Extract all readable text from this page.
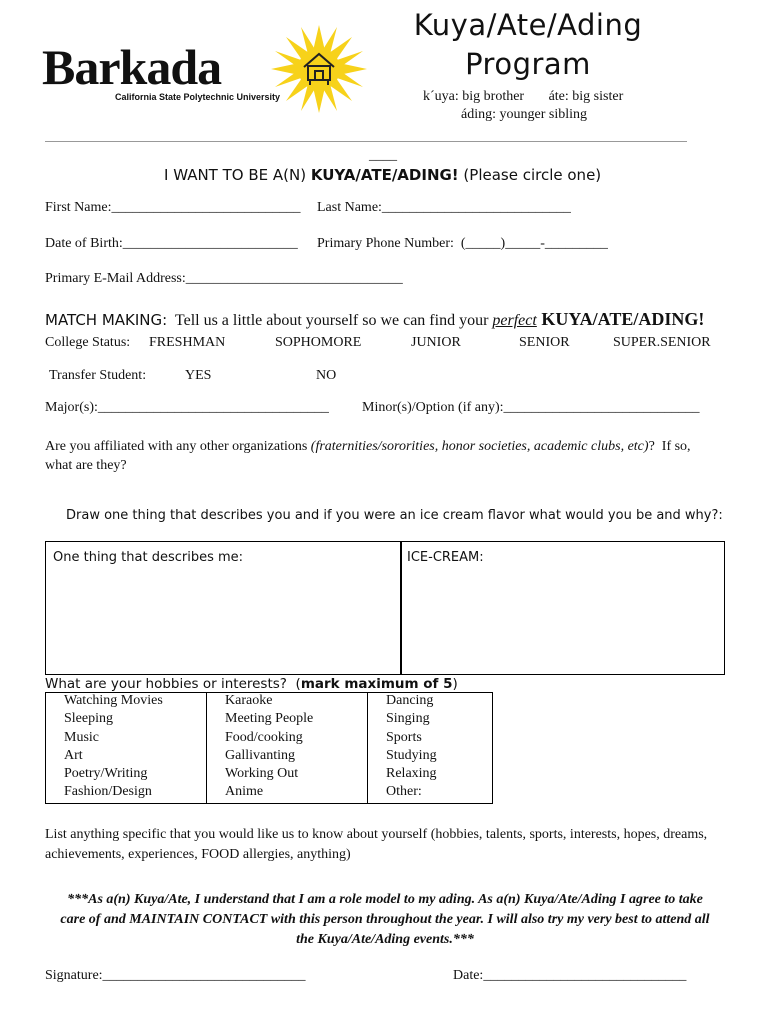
Barkada
California State Polytechnic University
Kuya/Ate/Ading
Program
k´uya: big brother       áte: big sister
áding: younger sibling
____
I WANT TO BE A(N) KUYA/ATE/ADING! (Please circle one)
First Name:___________________________ Last Name:___________________________
Date of Birth:_________________________ Primary Phone Number:  (_____)_____-_________
Primary E-Mail Address:_______________________________
MATCH MAKING:  Tell us a little about yourself so we can find your perfect KUYA/ATE/ADING!
College Status: FRESHMAN	SOPHOMORE	JUNIOR	SENIOR	SUPER.SENIOR
Transfer Student:	YES	NO
Major(s):_________________________________ Minor(s)/Option (if any):____________________________
Are you affiliated with any other organizations (fraternities/sororities, honor societies, academic clubs, etc)?  If so,
what are they?
Draw one thing that describes you and if you were an ice cream flavor what would you be and why?:
One thing that describes me:	ICE-CREAM:
What are your hobbies or interests?  (mark maximum of 5)
Watching Movies	Karaoke	Dancing
Sleeping	Meeting People	Singing
Music	Food/cooking	Sports
Art	Gallivanting	Studying
Poetry/Writing	Working Out	Relaxing
Fashion/Design	Anime	Other:
List anything specific that you would like us to know about yourself (hobbies, talents, sports, interests, hopes, dreams,
achievements, experiences, FOOD allergies, anything)
***As a(n) Kuya/Ate, I understand that I am a role model to my ading. As a(n) Kuya/Ate/Ading I agree to take
care of and MAINTAIN CONTACT with this person throughout the year. I will also try my very best to attend all
the Kuya/Ate/Ading events.***
Signature:_____________________________	Date:_____________________________
